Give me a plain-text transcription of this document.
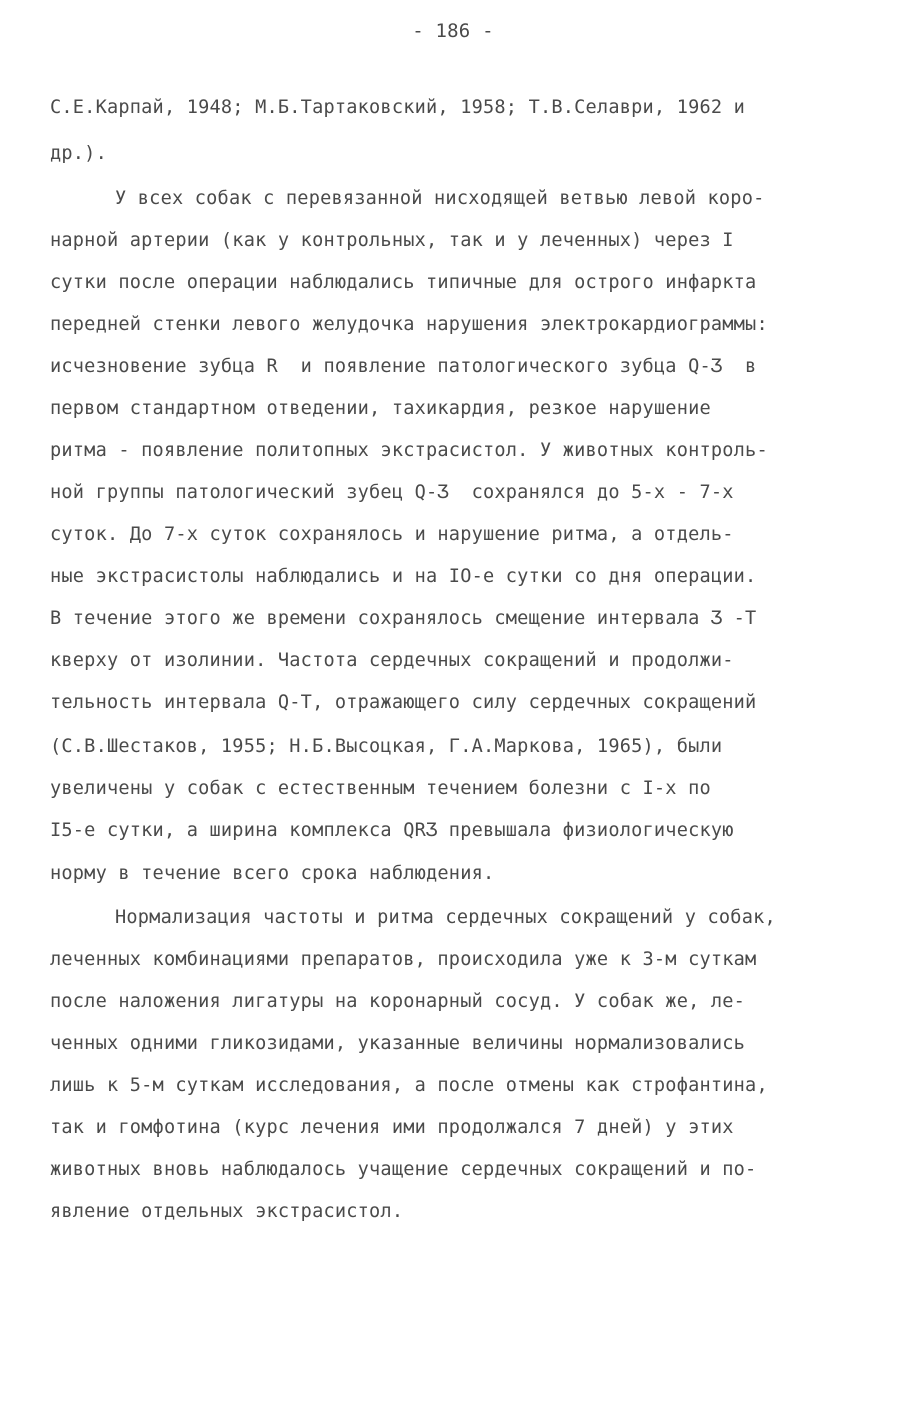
- 186 -
С.Е.Карпай, 1948; М.Б.Тартаковский, 1958; Т.В.Селаври, 1962 и
др.).
У всех собак с перевязанной нисходящей ветвью левой коро-
нарной артерии (как у контрольных, так и у леченных) через I
сутки после операции наблюдались типичные для острого инфаркта
передней стенки левого желудочка нарушения электрокардиограммы:
исчезновение зубца R  и появление патологического зубца Q-Ʒ  в
первом стандартном отведении, тахикардия, резкое нарушение
ритма - появление политопных экстрасистол. У животных контроль-
ной группы патологический зубец Q-Ʒ  сохранялся до 5-х - 7-х
суток. До 7-х суток сохранялось и нарушение ритма, а отдель-
ные экстрасистолы наблюдались и на IO-е сутки со дня операции.
В течение этого же времени сохранялось смещение интервала Ʒ -Т
кверху от изолинии. Частота сердечных сокращений и продолжи-
тельность интервала Q-Т, отражающего силу сердечных сокращений
(С.В.Шестаков, 1955; Н.Б.Высоцкая, Г.А.Маркова, 1965), были
увеличены у собак с естественным течением болезни с I-х по
I5-е сутки, а ширина комплекса QRƷ превышала физиологическую
норму в течение всего срока наблюдения.
Нормализация частоты и ритма сердечных сокращений у собак,
леченных комбинациями препаратов, происходила уже к 3-м суткам
после наложения лигатуры на коронарный сосуд. У собак же, ле-
ченных одними гликозидами, указанные величины нормализовались
лишь к 5-м суткам исследования, а после отмены как строфантина,
так и гомфотина (курс лечения ими продолжался 7 дней) у этих
животных вновь наблюдалось учащение сердечных сокращений и по-
явление отдельных экстрасистол.
